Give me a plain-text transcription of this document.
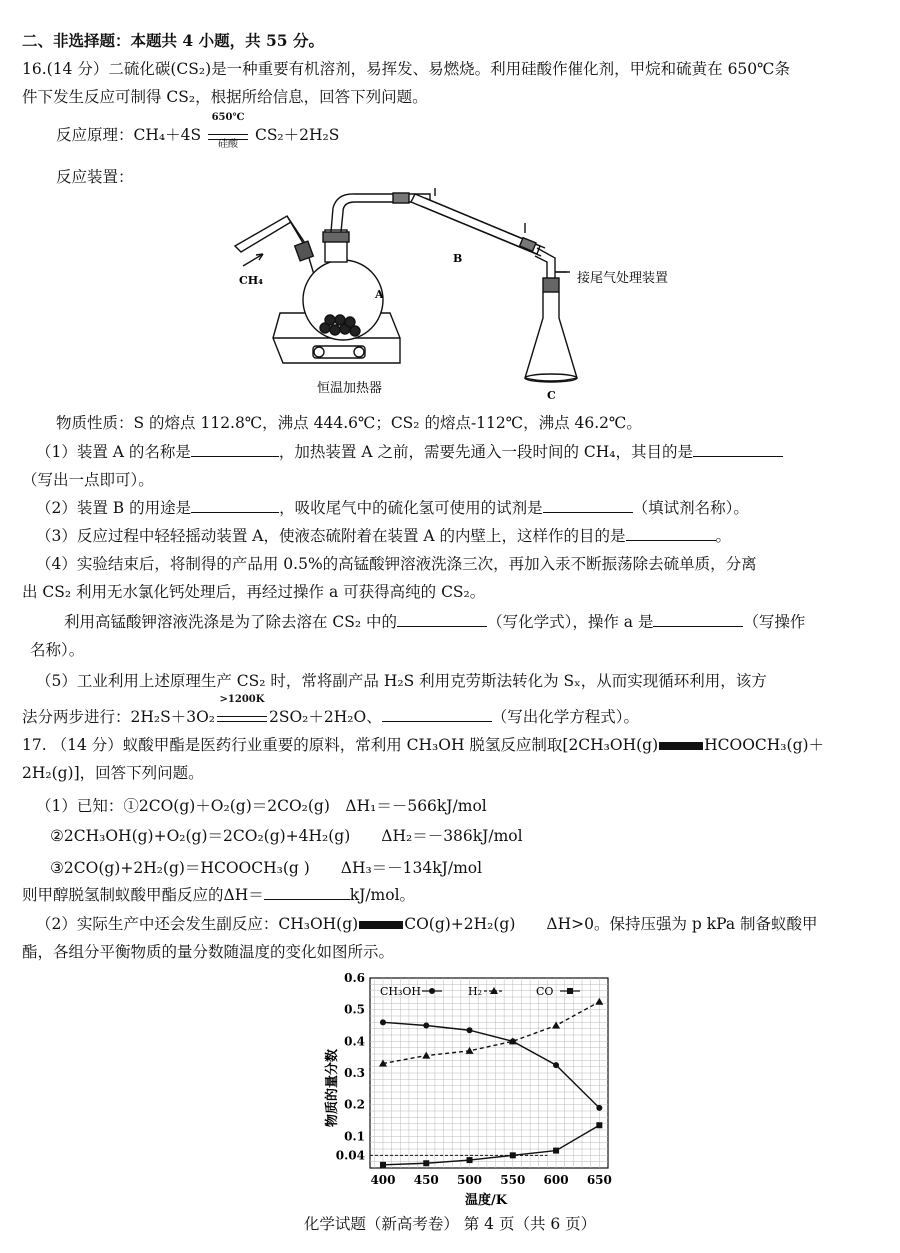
二、非选择题：本题共 4 小题，共 55 分。
16.(14 分）二硫化碳(CS₂)是一种重要有机溶剂，易挥发、易燃烧。利用硅酸作催化剂，甲烷和硫黄在 650℃条
件下发生反应可制得 CS₂，根据所给信息，回答下列问题。
反应原理：CH₄＋4S
650℃
硅酸
CS₂＋2H₂S
反应装置：
CH₄
A
B
C
接尾气处理装置
恒温加热器
物质性质：S 的熔点 112.8℃，沸点 444.6℃；CS₂ 的熔点-112℃，沸点 46.2℃。
（1）装置 A 的名称是	，加热装置 A 之前，需要先通入一段时间的 CH₄，其目的是
（写出一点即可）。
（2）装置 B 的用途是	，吸收尾气中的硫化氢可使用的试剂是	（填试剂名称）。
（3）反应过程中轻轻摇动装置 A，使液态硫附着在装置 A 的内壁上，这样作的目的是	。
（4）实验结束后，将制得的产品用 0.5%的高锰酸钾溶液洗涤三次，再加入汞不断振荡除去硫单质，分离
出 CS₂ 利用无水氯化钙处理后，再经过操作 a 可获得高纯的 CS₂。
利用高锰酸钾溶液洗涤是为了除去溶在 CS₂ 中的	（写化学式），操作 a 是	（写操作
名称）。
（5）工业利用上述原理生产 CS₂ 时，常将副产品 H₂S 利用克劳斯法转化为 Sₓ，从而实现循环利用，该方
法分两步进行：2H₂S＋3O₂
>1200K
2SO₂＋2H₂O、	（写出化学方程式）。
17. （14 分）蚁酸甲酯是医药行业重要的原料，常利用 CH₃OH 脱氢反应制取[2CH₃OH(g)	HCOOCH₃(g)＋
2H₂(g)]，回答下列问题。
（1）已知：①2CO(g)＋O₂(g)＝2CO₂(g)　ΔH₁＝－566kJ/mol
②2CH₃OH(g)+O₂(g)＝2CO₂(g)+4H₂(g)　　ΔH₂＝－386kJ/mol
③2CO(g)+2H₂(g)＝HCOOCH₃(g )　　ΔH₃＝－134kJ/mol
则甲醇脱氢制蚁酸甲酯反应的ΔH＝	kJ/mol。
（2）实际生产中还会发生副反应：CH₃OH(g)	CO(g)+2H₂(g)　　ΔH>0。保持压强为 p kPa 制备蚁酸甲
酯，各组分平衡物质的量分数随温度的变化如图所示。
0.04
0.1
0.2
0.3
0.4
0.5
0.6
400 450 500 550 600 650
CH₃OH	H₂	CO
物质的量分数
温度/K
化学试题（新高考卷） 第 4 页（共 6 页）
